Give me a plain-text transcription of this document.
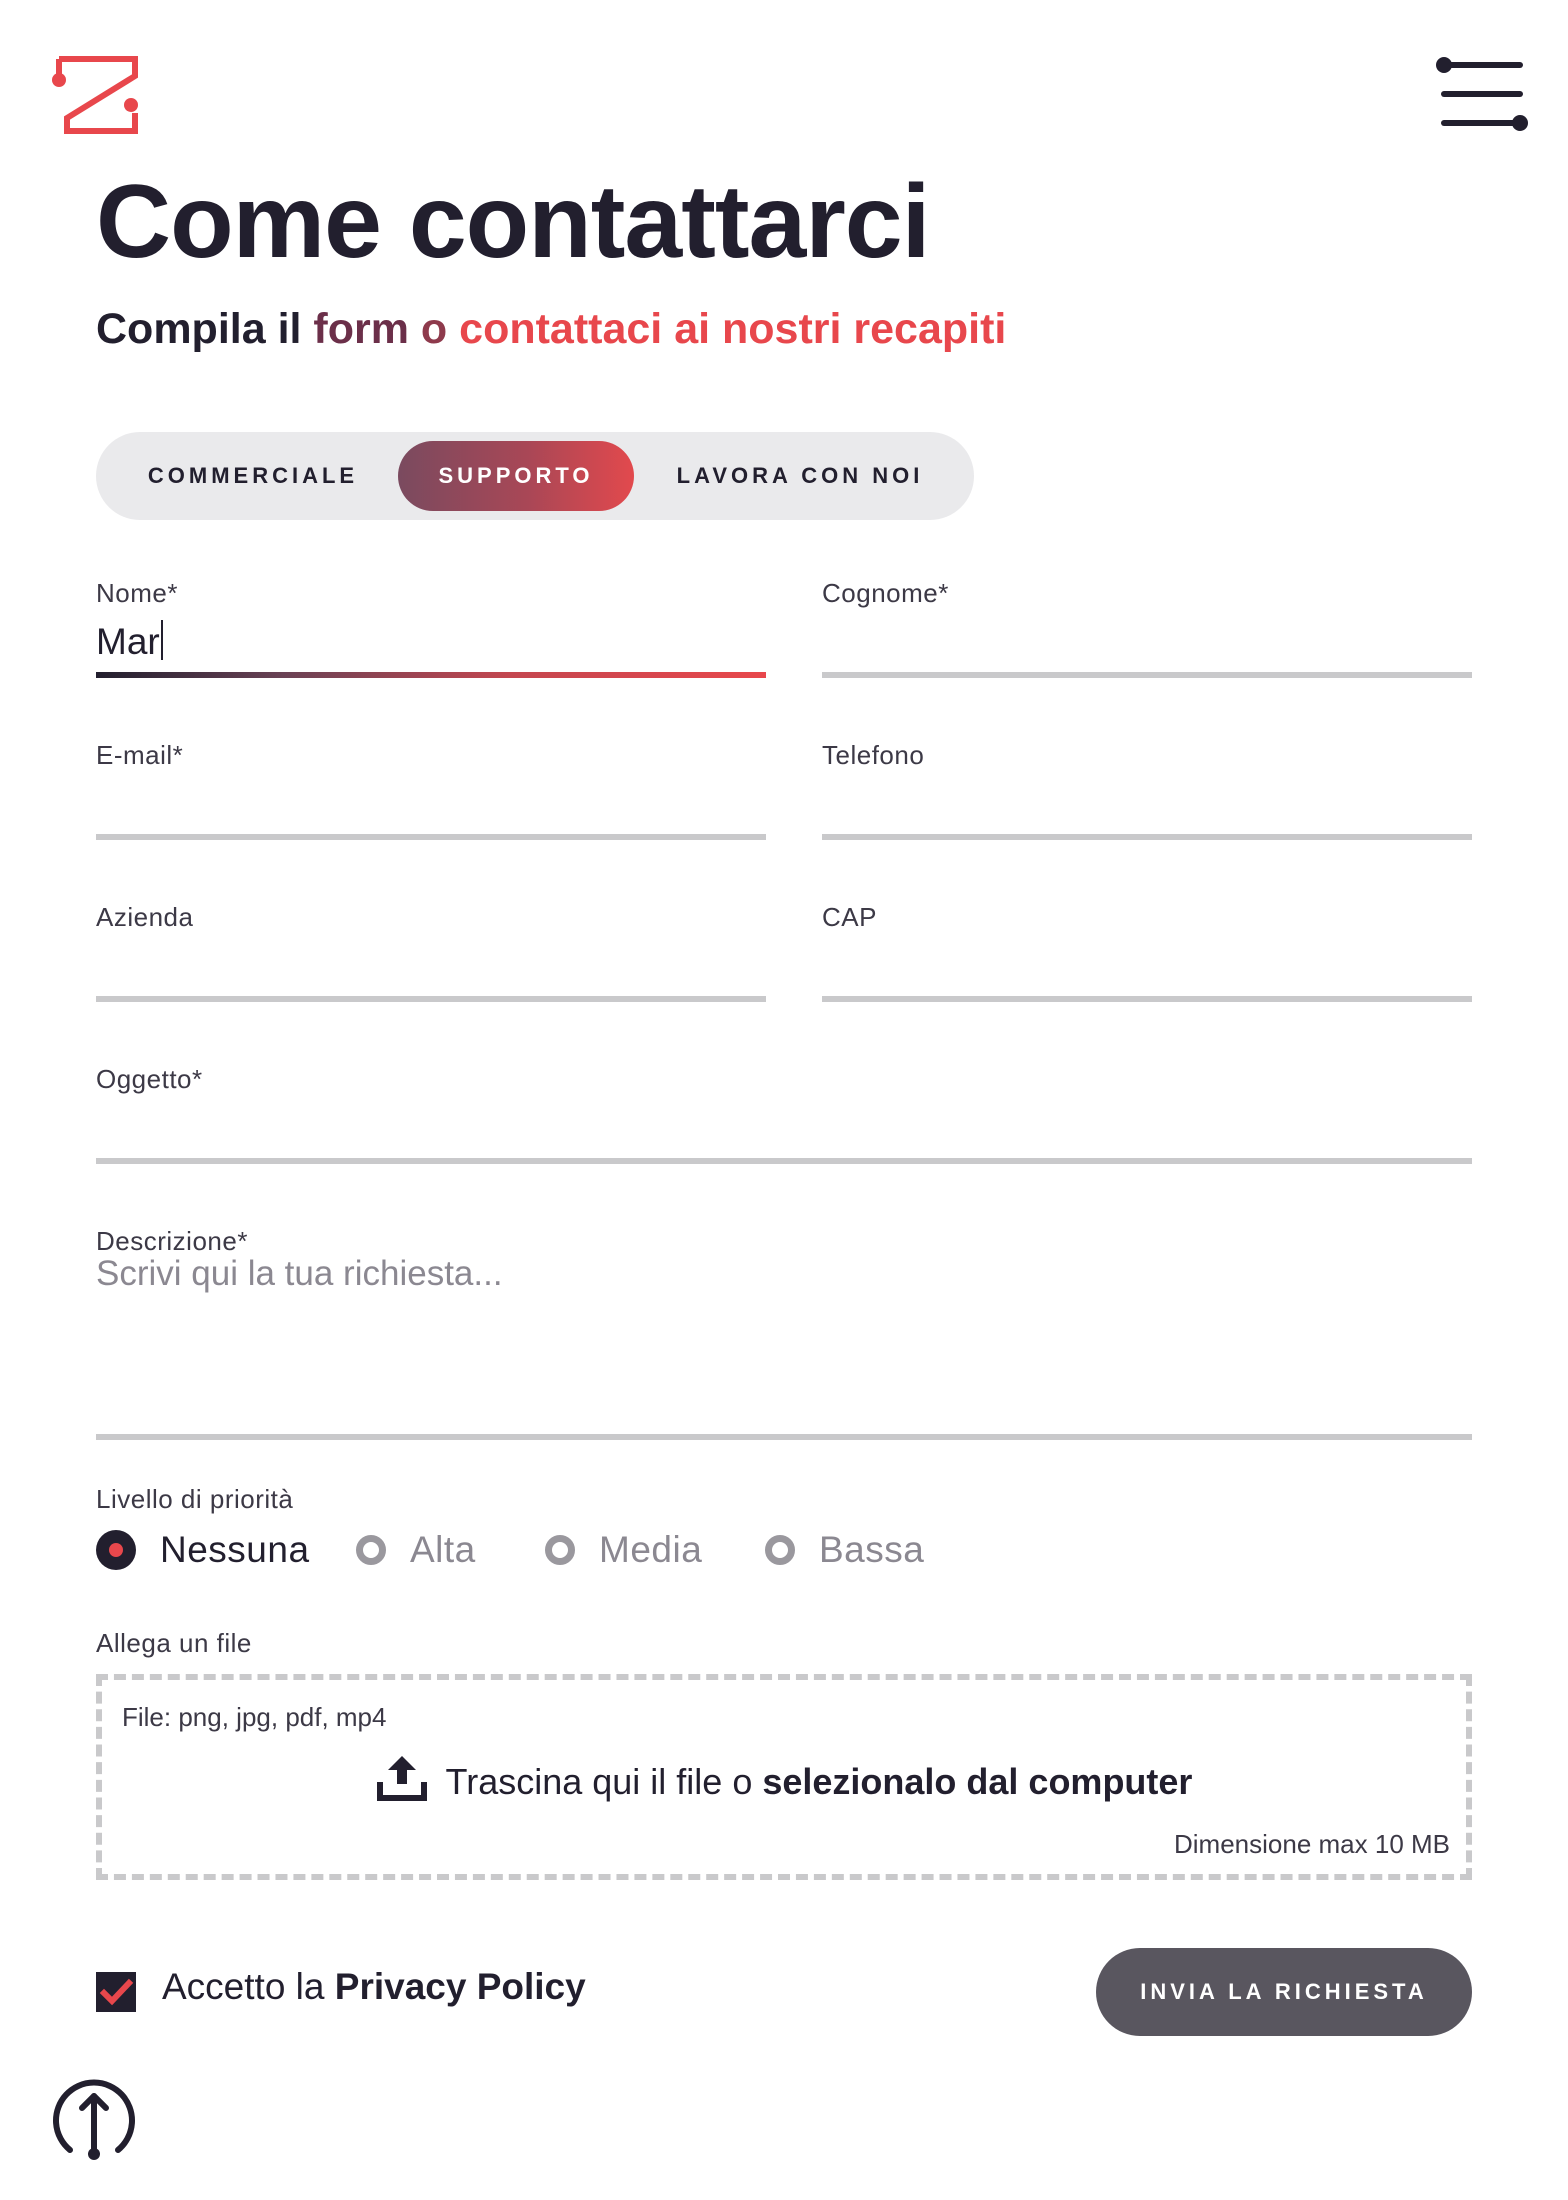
Come contattarci

Compila il form o contattaci ai nostri recapiti

COMMERCIALE	SUPPORTO	LAVORA CON NOI
Nome*
Mar
Cognome*
E-mail*	Telefono
Azienda	CAP
Oggetto*
Descrizione*
Scrivi qui la tua richiesta...
Livello di priorità
Nessuna	Alta	Media	Bassa
Allega un file
File: png, jpg, pdf, mp4
Trascina qui il file o selezionalo dal computer
Dimensione max 10 MB
Accetto la Privacy Policy	INVIA LA RICHIESTA
